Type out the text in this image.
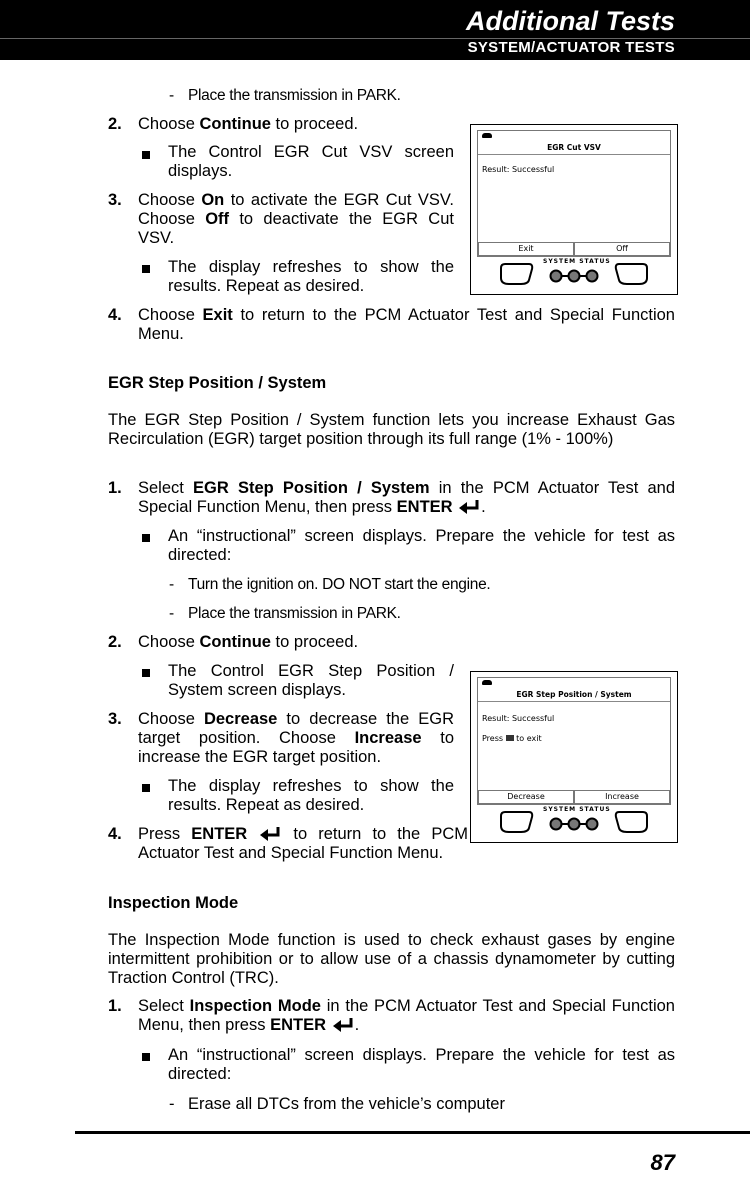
Additional Tests
SYSTEM/ACTUATOR TESTS
- Place the transmission in PARK.
2. Choose Continue to proceed.
The Control EGR Cut VSV screen displays.
3. Choose On to activate the EGR Cut VSV. Choose Off to deactivate the EGR Cut VSV.
The display refreshes to show the results. Repeat as desired.
4. Choose Exit to return to the PCM Actuator Test and Special Function Menu.
EGR Cut VSV
Result: Successful
Exit	Off
SYSTEM STATUS
EGR Step Position / System
The EGR Step Position / System function lets you increase Exhaust Gas Recirculation (EGR) target position through its full range (1% - 100%)
1. Select EGR Step Position / System in the PCM Actuator Test and Special Function Menu, then press ENTER .
An “instructional” screen displays. Prepare the vehicle for test as directed:
- Turn the ignition on. DO NOT start the engine.
- Place the transmission in PARK.
2. Choose Continue to proceed.
The Control EGR Step Position / System screen displays.
3. Choose Decrease to decrease the EGR target position. Choose Increase to increase the EGR target position.
The display refreshes to show the results. Repeat as desired.
4. Press ENTER  to return to the PCM Actuator Test and Special Function Menu.
EGR Step Position / System
Result: Successful
Press to exit
Decrease	Increase
SYSTEM STATUS
Inspection Mode
The Inspection Mode function is used to check exhaust gases by engine intermittent prohibition or to allow use of a chassis dynamometer by cutting Traction Control (TRC).
1. Select Inspection Mode in the PCM Actuator Test and Special Function Menu, then press ENTER .
An “instructional” screen displays. Prepare the vehicle for test as directed:
- Erase all DTCs from the vehicle’s computer
87
